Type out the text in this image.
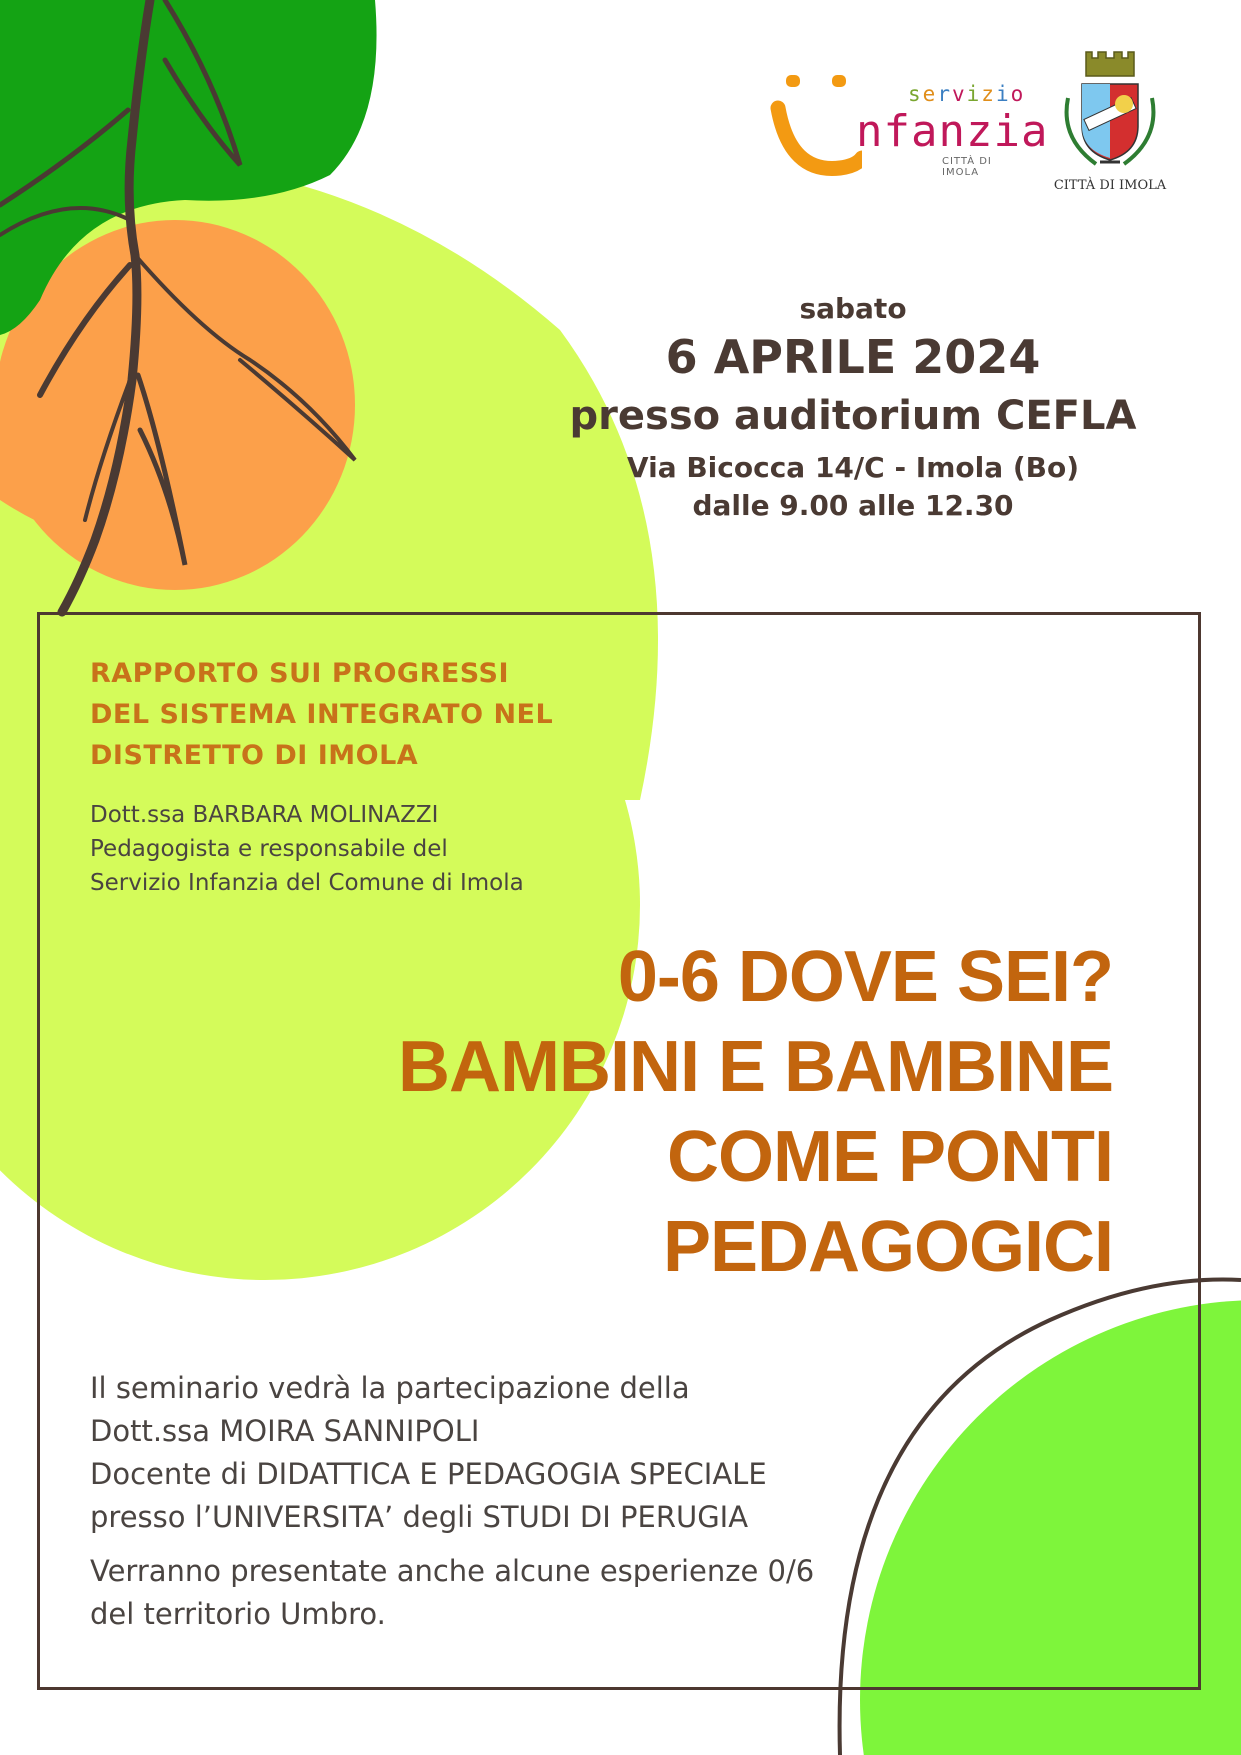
servizio
nfanzia
CITTÀ DI IMOLA
CITTÀ DI IMOLA
sabato
6 APRILE 2024
presso auditorium CEFLA
Via Bicocca 14/C - Imola (Bo)
dalle 9.00 alle 12.30
RAPPORTO SUI PROGRESSI
DEL SISTEMA INTEGRATO NEL
DISTRETTO DI IMOLA
Dott.ssa BARBARA MOLINAZZI
Pedagogista e responsabile del
Servizio Infanzia del Comune di Imola
0-6 DOVE SEI?
BAMBINI E BAMBINE
COME PONTI
PEDAGOGICI
Il seminario vedrà la partecipazione della
Dott.ssa MOIRA SANNIPOLI
Docente di DIDATTICA E PEDAGOGIA SPECIALE
presso l’UNIVERSITA’ degli STUDI DI PERUGIA
Verranno presentate anche alcune esperienze 0/6
del territorio Umbro.
